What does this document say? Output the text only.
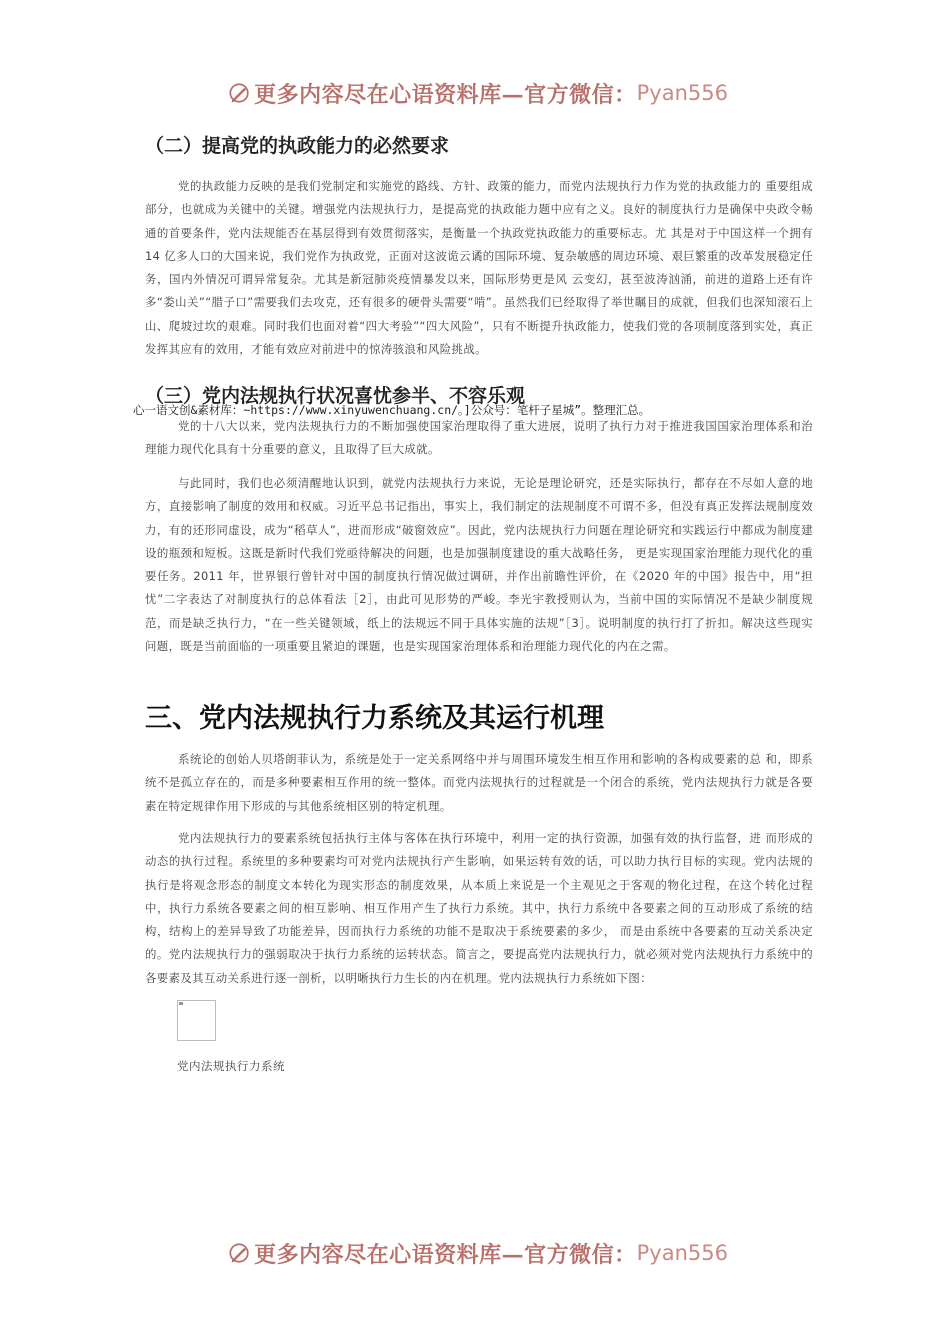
更多内容尽在心语资料库—官方微信： Pyan556
（二）提高党的执政能力的必然要求

党的执政能力反映的是我们党制定和实施党的路线、方针、政策的能力，而党内法规执行力作为党的执政能力的 重要组成部分，也就成为关键中的关键。增强党内法规执行力，是提高党的执政能力题中应有之义。良好的制度执行力是确保中央政令畅通的首要条件，党内法规能否在基层得到有效贯彻落实，是衡量一个执政党执政能力的重要标志。尤 其是对于中国这样一个拥有 14 亿多人口的大国来说，我们党作为执政党，正面对这波诡云谲的国际环境、复杂敏感的周边环境、艰巨繁重的改革发展稳定任务，国内外情况可谓异常复杂。尤其是新冠肺炎疫情暴发以来，国际形势更是风 云变幻，甚至波涛汹涌，前进的道路上还有许多“娄山关”“腊子口”需要我们去攻克，还有很多的硬骨头需要“啃”。虽然我们已经取得了举世瞩目的成就，但我们也深知滚石上山、爬坡过坎的艰难。同时我们也面对着“四大考验”“四大风险”，只有不断提升执政能力，使我们党的各项制度落到实处，真正发挥其应有的效用，才能有效应对前进中的惊涛骇浪和风险挑战。

（三）党内法规执行状况喜忧参半、不容乐观
心一语文创&素材库：~https://www.xinyuwenchuang.cn/。]公众号：笔杆子星城”。整理汇总。

党的十八大以来，党内法规执行力的不断加强使国家治理取得了重大进展，说明了执行力对于推进我国国家治理体系和治理能力现代化具有十分重要的意义，且取得了巨大成就。

与此同时，我们也必须清醒地认识到，就党内法规执行力来说，无论是理论研究，还是实际执行，都存在不尽如人意的地方，直接影响了制度的效用和权威。习近平总书记指出，事实上，我们制定的法规制度不可谓不多，但没有真正发挥法规制度效力，有的还形同虚设，成为“稻草人”，进而形成“破窗效应”。因此，党内法规执行力问题在理论研究和实践运行中都成为制度建设的瓶颈和短板。这既是新时代我们党亟待解决的问题，也是加强制度建设的重大战略任务， 更是实现国家治理能力现代化的重要任务。2011 年，世界银行曾针对中国的制度执行情况做过调研，并作出前瞻性评价，在《2020 年的中国》报告中，用“担忧”二字表达了对制度执行的总体看法［2］，由此可见形势的严峻。李光宇教授则认为，当前中国的实际情况不是缺少制度规范，而是缺乏执行力，“在一些关键领域，纸上的法规远不同于具体实施的法规”［3］。说明制度的执行打了折扣。解决这些现实问题，既是当前面临的一项重要且紧迫的课题，也是实现国家治理体系和治理能力现代化的内在之需。

三、党内法规执行力系统及其运行机理

系统论的创始人贝塔朗菲认为，系统是处于一定关系网络中并与周围环境发生相互作用和影响的各构成要素的总 和，即系统不是孤立存在的，而是多种要素相互作用的统一整体。而党内法规执行的过程就是一个闭合的系统，党内法规执行力就是各要素在特定规律作用下形成的与其他系统相区别的特定机理。

党内法规执行力的要素系统包括执行主体与客体在执行环境中，利用一定的执行资源，加强有效的执行监督，进 而形成的动态的执行过程。系统里的多种要素均可对党内法规执行产生影响，如果运转有效的话，可以助力执行目标的实现。党内法规的执行是将观念形态的制度文本转化为现实形态的制度效果，从本质上来说是一个主观见之于客观的物化过程，在这个转化过程中，执行力系统各要素之间的相互影响、相互作用产生了执行力系统。其中，执行力系统中各要素之间的互动形成了系统的结构，结构上的差异导致了功能差异，因而执行力系统的功能不是取决于系统要素的多少， 而是由系统中各要素的互动关系决定的。党内法规执行力的强弱取决于执行力系统的运转状态。简言之，要提高党内法规执行力，就必须对党内法规执行力系统中的各要素及其互动关系进行逐一剖析，以明晰执行力生长的内在机理。党内法规执行力系统如下图：

党内法规执行力系统
更多内容尽在心语资料库—官方微信： Pyan556
